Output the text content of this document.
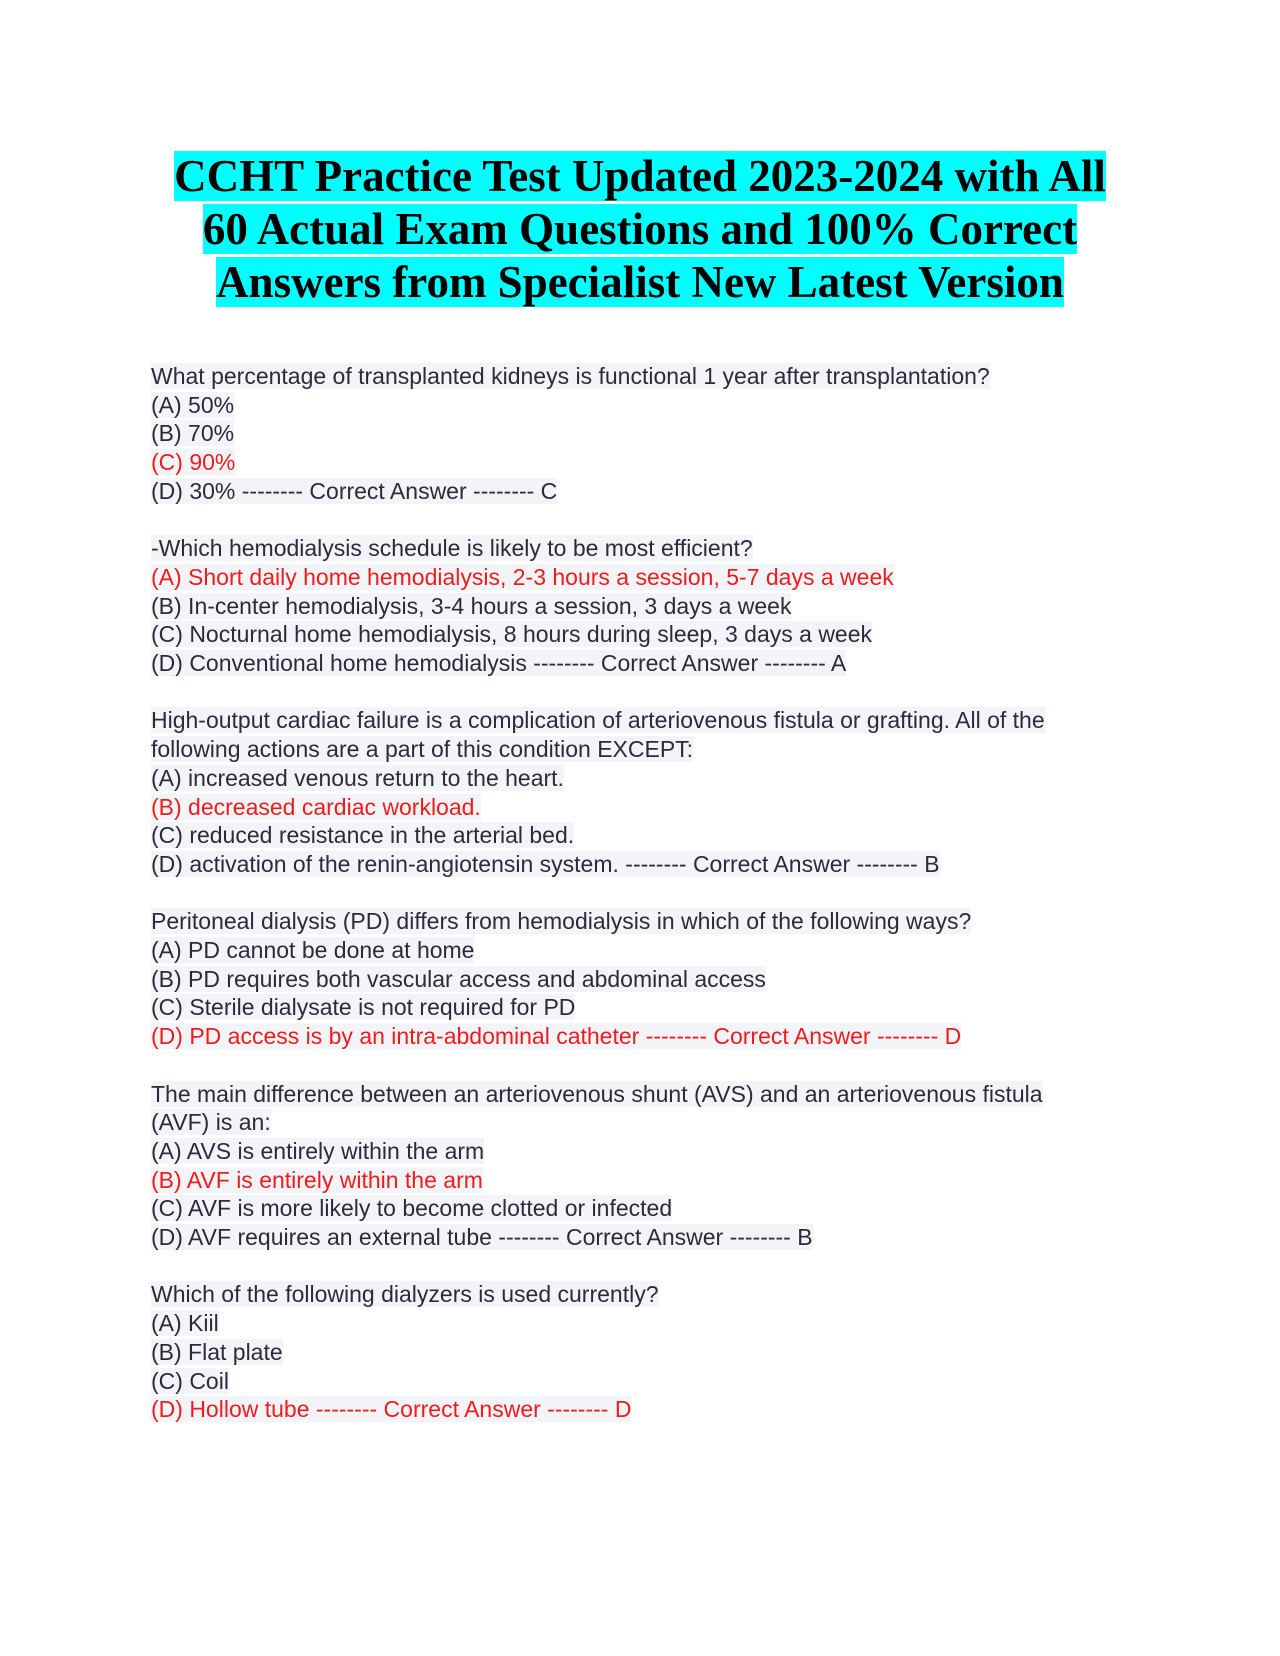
CCHT Practice Test Updated 2023-2024 with All
60 Actual Exam Questions and 100% Correct
Answers from Specialist New Latest Version
What percentage of transplanted kidneys is functional 1 year after transplantation?
(A) 50%
(B) 70%
(C) 90%
(D) 30% -------- Correct Answer -------- C
-Which hemodialysis schedule is likely to be most efficient?
(A) Short daily home hemodialysis, 2-3 hours a session, 5-7 days a week
(B) In-center hemodialysis, 3-4 hours a session, 3 days a week
(C) Nocturnal home hemodialysis, 8 hours during sleep, 3 days a week
(D) Conventional home hemodialysis -------- Correct Answer -------- A
High-output cardiac failure is a complication of arteriovenous fistula or grafting. All of the
following actions are a part of this condition EXCEPT:
(A) increased venous return to the heart.
(B) decreased cardiac workload.
(C) reduced resistance in the arterial bed.
(D) activation of the renin-angiotensin system. -------- Correct Answer -------- B
Peritoneal dialysis (PD) differs from hemodialysis in which of the following ways?
(A) PD cannot be done at home
(B) PD requires both vascular access and abdominal access
(C) Sterile dialysate is not required for PD
(D) PD access is by an intra-abdominal catheter -------- Correct Answer -------- D
The main difference between an arteriovenous shunt (AVS) and an arteriovenous fistula
(AVF) is an:
(A) AVS is entirely within the arm
(B) AVF is entirely within the arm
(C) AVF is more likely to become clotted or infected
(D) AVF requires an external tube -------- Correct Answer -------- B
Which of the following dialyzers is used currently?
(A) Kiil
(B) Flat plate
(C) Coil
(D) Hollow tube -------- Correct Answer -------- D
